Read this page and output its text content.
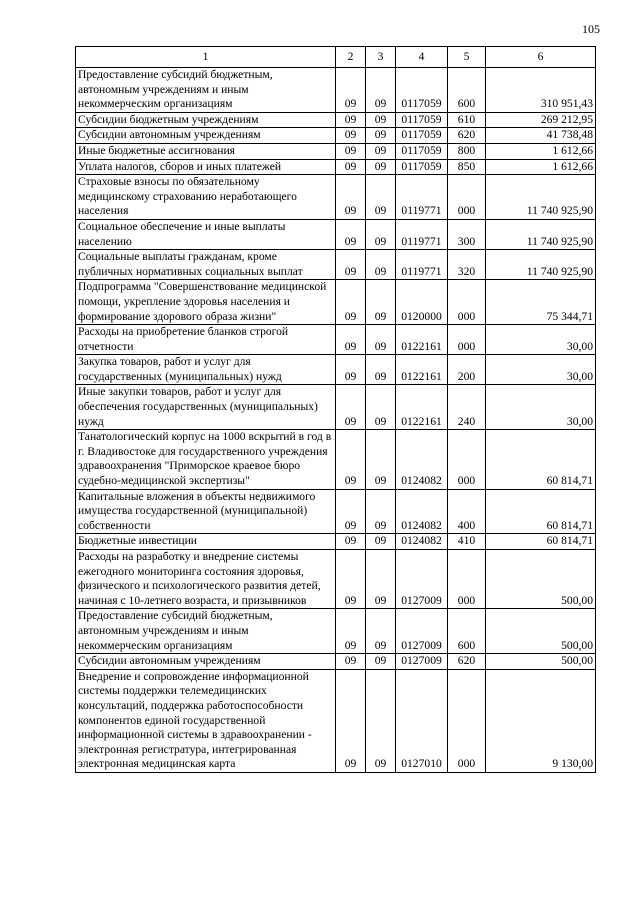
105
1	2	3	4	5	6
Предоставление субсидий бюджетным, автономным учреждениям и иным некоммерческим организациям	09	09	0117059	600	310 951,43
Субсидии бюджетным учреждениям	09	09	0117059	610	269 212,95
Субсидии автономным учреждениям	09	09	0117059	620	41 738,48
Иные бюджетные ассигнования	09	09	0117059	800	1 612,66
Уплата налогов, сборов и иных платежей	09	09	0117059	850	1 612,66
Страховые взносы по обязательному медицинскому страхованию неработающего населения	09	09	0119771	000	11 740 925,90
Социальное обеспечение и иные выплаты населению	09	09	0119771	300	11 740 925,90
Социальные выплаты гражданам, кроме публичных нормативных социальных выплат	09	09	0119771	320	11 740 925,90
Подпрограмма "Совершенствование медицинской помощи, укрепление здоровья населения и формирование здорового образа жизни"	09	09	0120000	000	75 344,71
Расходы на приобретение бланков строгой отчетности	09	09	0122161	000	30,00
Закупка товаров, работ и услуг для государственных (муниципальных) нужд	09	09	0122161	200	30,00
Иные закупки товаров, работ и услуг для обеспечения государственных (муниципальных) нужд	09	09	0122161	240	30,00
Танатологический корпус на 1000 вскрытий в год в г. Владивостоке для государственного учреждения здравоохранения "Приморское краевое бюро судебно-медицинской экспертизы"	09	09	0124082	000	60 814,71
Капитальные вложения в объекты недвижимого имущества государственной (муниципальной) собственности	09	09	0124082	400	60 814,71
Бюджетные инвестиции	09	09	0124082	410	60 814,71
Расходы на разработку и внедрение системы ежегодного мониторинга состояния здоровья, физического и психологического развития детей, начиная с 10-летнего возраста, и призывников	09	09	0127009	000	500,00
Предоставление субсидий бюджетным, автономным учреждениям и иным некоммерческим организациям	09	09	0127009	600	500,00
Субсидии автономным учреждениям	09	09	0127009	620	500,00
Внедрение и сопровождение информационной системы поддержки телемедицинских консультаций, поддержка работоспособности компонентов единой государственной информационной системы в здравоохранении - электронная регистратура, интегрированная электронная медицинская карта	09	09	0127010	000	9 130,00
